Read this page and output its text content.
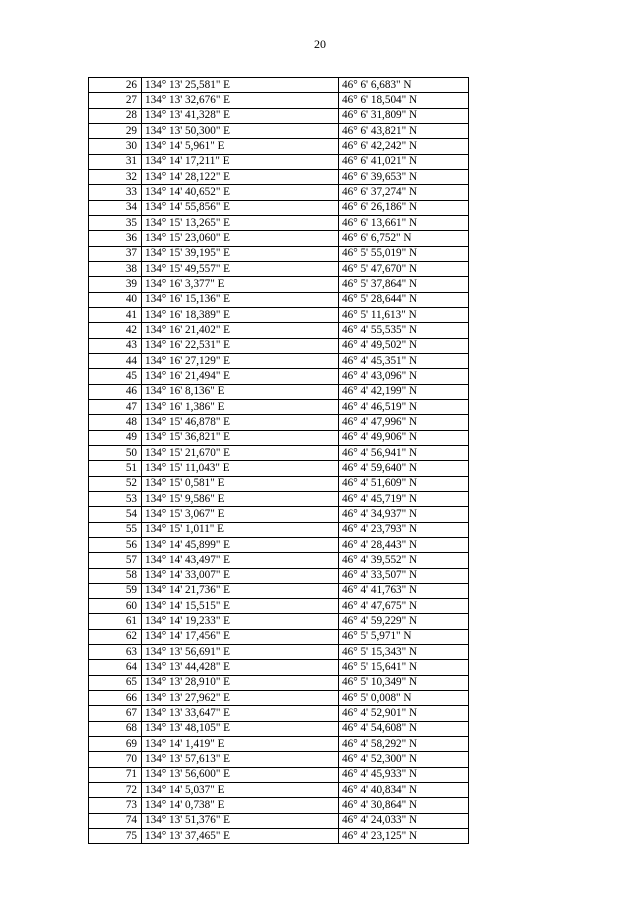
20
26	134° 13' 25,581" E	46° 6' 6,683" N
27	134° 13' 32,676" E	46° 6' 18,504" N
28	134° 13' 41,328" E	46° 6' 31,809" N
29	134° 13' 50,300" E	46° 6' 43,821" N
30	134° 14' 5,961" E	46° 6' 42,242" N
31	134° 14' 17,211" E	46° 6' 41,021" N
32	134° 14' 28,122" E	46° 6' 39,653" N
33	134° 14' 40,652" E	46° 6' 37,274" N
34	134° 14' 55,856" E	46° 6' 26,186" N
35	134° 15' 13,265" E	46° 6' 13,661" N
36	134° 15' 23,060" E	46° 6' 6,752" N
37	134° 15' 39,195" E	46° 5' 55,019" N
38	134° 15' 49,557" E	46° 5' 47,670" N
39	134° 16' 3,377" E	46° 5' 37,864" N
40	134° 16' 15,136" E	46° 5' 28,644" N
41	134° 16' 18,389" E	46° 5' 11,613" N
42	134° 16' 21,402" E	46° 4' 55,535" N
43	134° 16' 22,531" E	46° 4' 49,502" N
44	134° 16' 27,129" E	46° 4' 45,351" N
45	134° 16' 21,494" E	46° 4' 43,096" N
46	134° 16' 8,136" E	46° 4' 42,199" N
47	134° 16' 1,386" E	46° 4' 46,519" N
48	134° 15' 46,878" E	46° 4' 47,996" N
49	134° 15' 36,821" E	46° 4' 49,906" N
50	134° 15' 21,670" E	46° 4' 56,941" N
51	134° 15' 11,043" E	46° 4' 59,640" N
52	134° 15' 0,581" E	46° 4' 51,609" N
53	134° 15' 9,586" E	46° 4' 45,719" N
54	134° 15' 3,067" E	46° 4' 34,937" N
55	134° 15' 1,011" E	46° 4' 23,793" N
56	134° 14' 45,899" E	46° 4' 28,443" N
57	134° 14' 43,497" E	46° 4' 39,552" N
58	134° 14' 33,007" E	46° 4' 33,507" N
59	134° 14' 21,736" E	46° 4' 41,763" N
60	134° 14' 15,515" E	46° 4' 47,675" N
61	134° 14' 19,233" E	46° 4' 59,229" N
62	134° 14' 17,456" E	46° 5' 5,971" N
63	134° 13' 56,691" E	46° 5' 15,343" N
64	134° 13' 44,428" E	46° 5' 15,641" N
65	134° 13' 28,910" E	46° 5' 10,349" N
66	134° 13' 27,962" E	46° 5' 0,008" N
67	134° 13' 33,647" E	46° 4' 52,901" N
68	134° 13' 48,105" E	46° 4' 54,608" N
69	134° 14' 1,419" E	46° 4' 58,292" N
70	134° 13' 57,613" E	46° 4' 52,300" N
71	134° 13' 56,600" E	46° 4' 45,933" N
72	134° 14' 5,037" E	46° 4' 40,834" N
73	134° 14' 0,738" E	46° 4' 30,864" N
74	134° 13' 51,376" E	46° 4' 24,033" N
75	134° 13' 37,465" E	46° 4' 23,125" N
